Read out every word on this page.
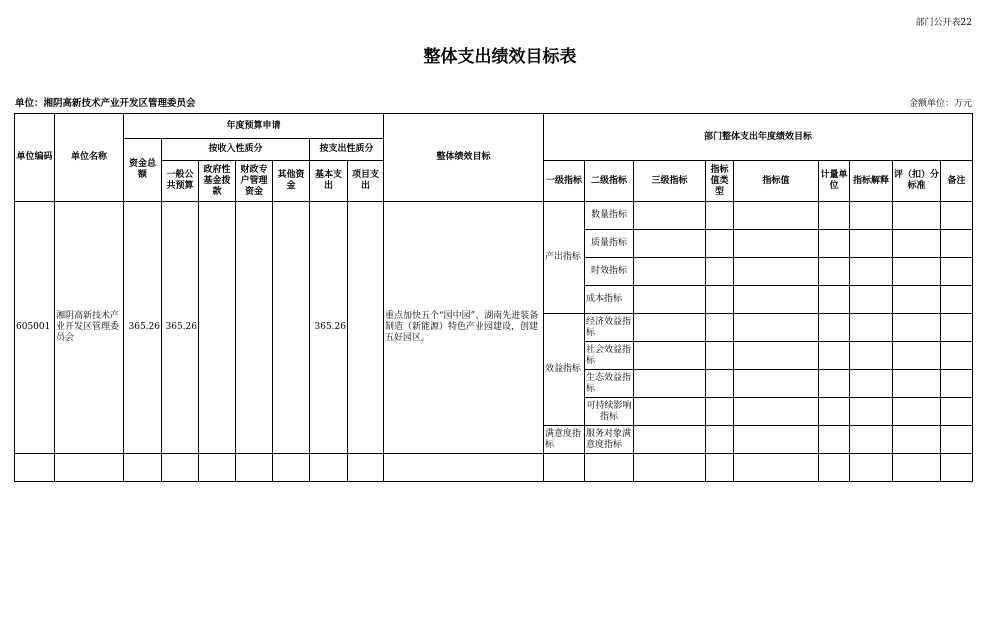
部门公开表22
整体支出绩效目标表
单位：湘阴高新技术产业开发区管理委员会	金额单位：万元
单位编码	单位名称	年度预算申请							整体绩效目标	部门整体支出年度绩效目标								
		资金总额	按收入性质分				按支出性质分											
			一般公共预算	政府性基金拨款	财政专户管理资金	其他资金	基本支出	项目支出		一级指标	二级指标	三级指标	指标值类型	指标值	计量单位	指标解释	评（扣）分标准	备注

605001	湘阴高新技术产业开发区管理委员会	365.26	365.26				365.26		重点加快五个“园中园”、湖南先进装备制造（新能源）特色产业园建设，创建五好园区。	产出指标	数量指标							
											质量指标							
											时效指标							
											成本指标							
										效益指标	经济效益指标							
											社会效益指标							
											生态效益指标							
											可持续影响指标							
										满意度指标	服务对象满意度指标							
